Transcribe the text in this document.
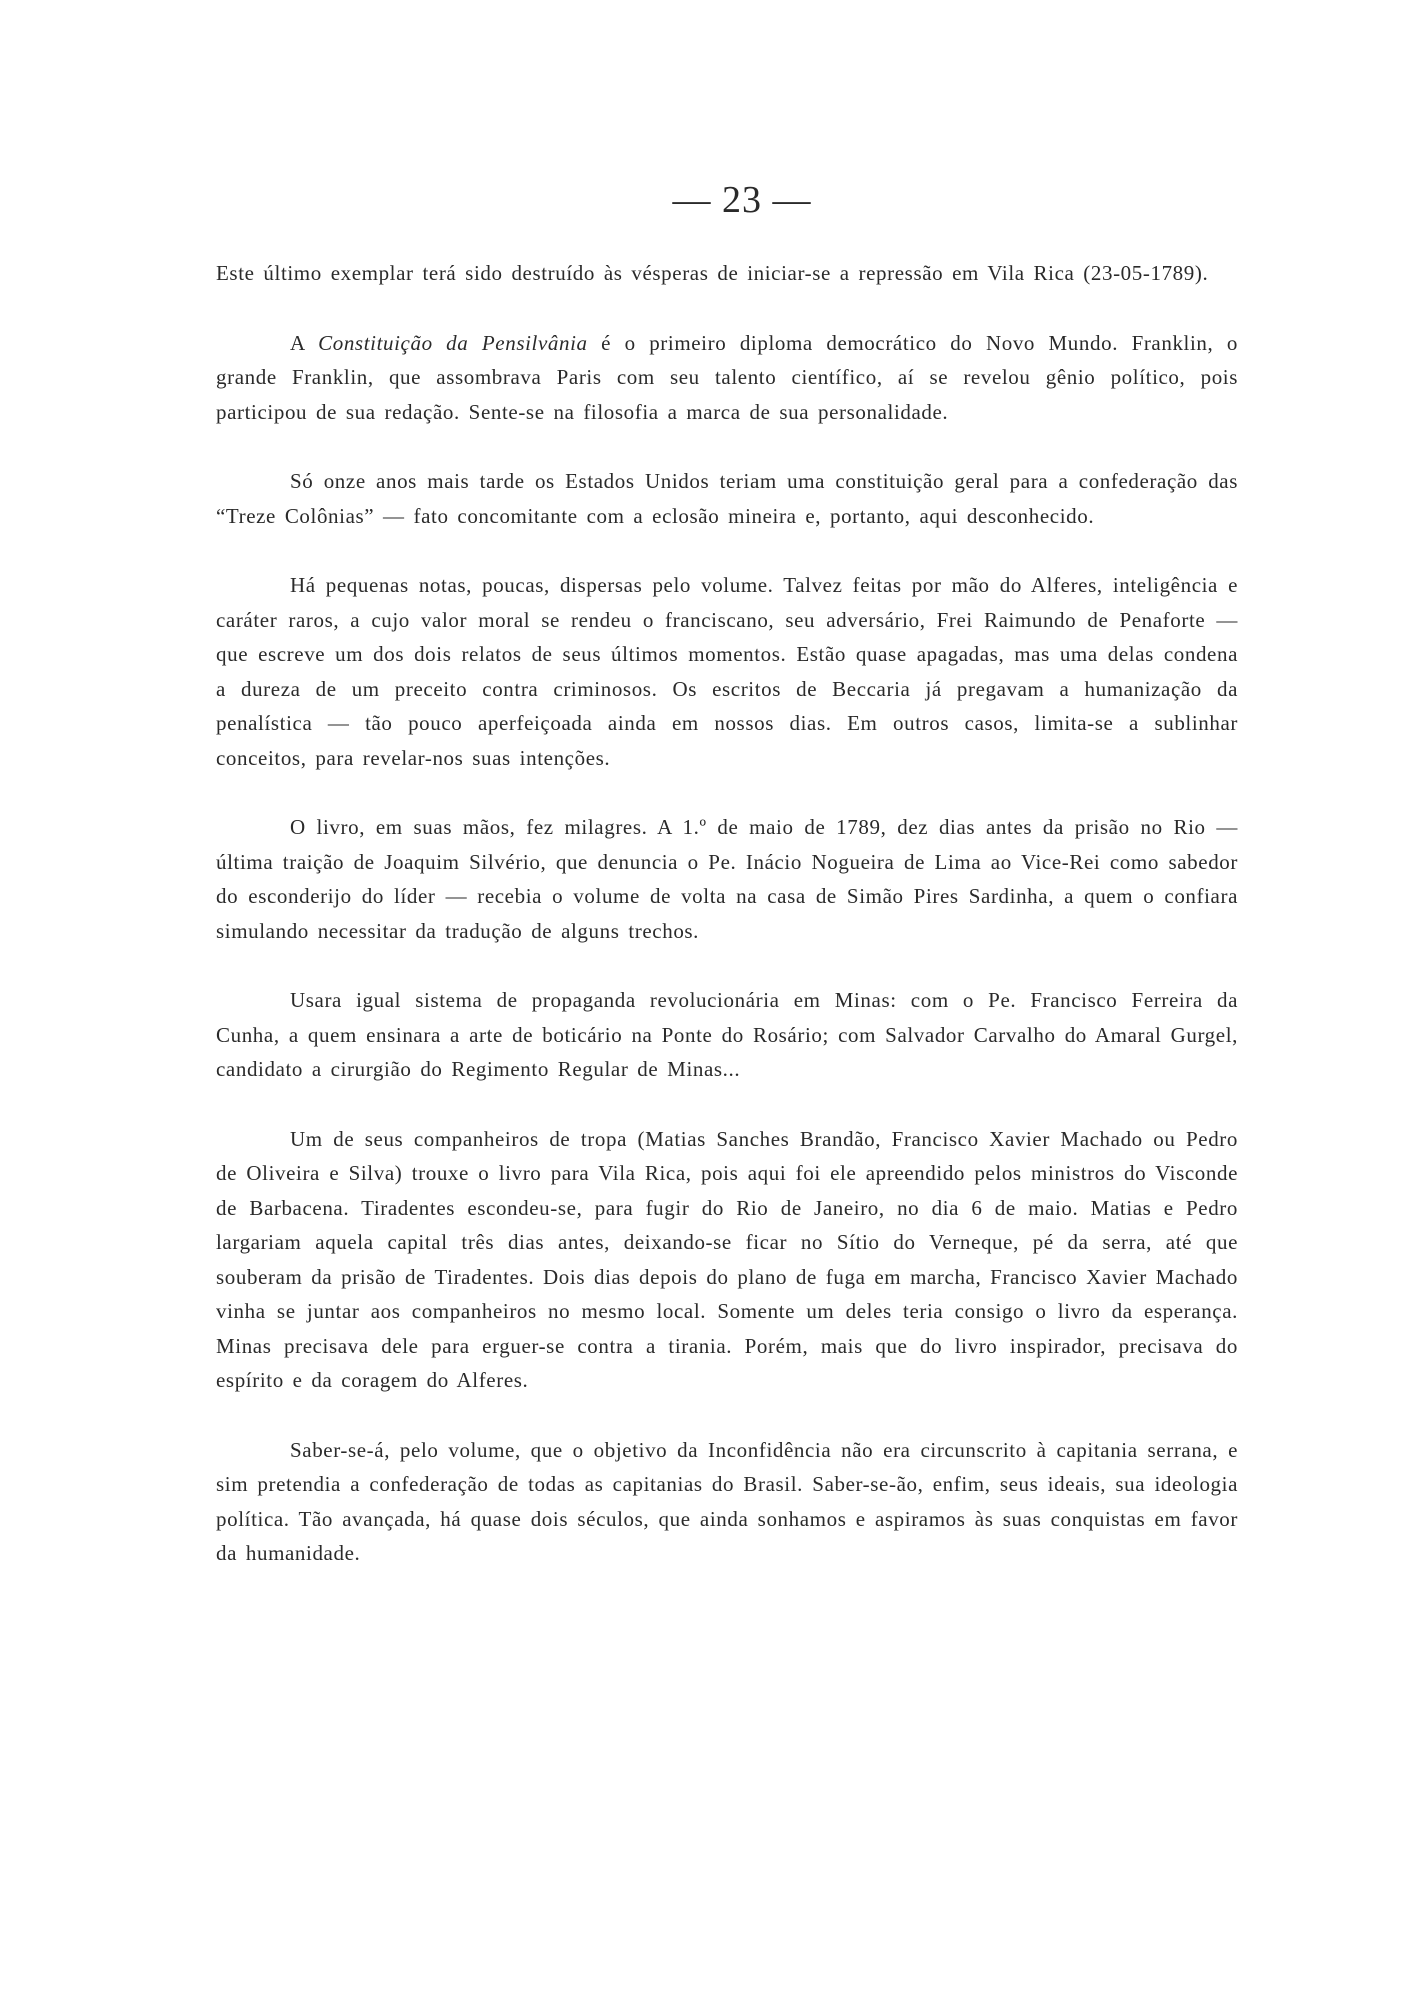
— 23 —

Este último exemplar terá sido destruído às vésperas de iniciar-se a repressão em Vila Rica (23-05-1789).

A Constituição da Pensilvânia é o primeiro diploma democrático do Novo Mundo. Franklin, o grande Franklin, que assombrava Paris com seu talento científico, aí se revelou gênio político, pois participou de sua redação. Sente-se na filosofia a marca de sua personalidade.

Só onze anos mais tarde os Estados Unidos teriam uma constituição geral para a confederação das “Treze Colônias” — fato concomitante com a eclosão mineira e, portanto, aqui desconhecido.

Há pequenas notas, poucas, dispersas pelo volume. Talvez feitas por mão do Alferes, inteligência e caráter raros, a cujo valor moral se rendeu o franciscano, seu adversário, Frei Raimundo de Penaforte — que escreve um dos dois relatos de seus últimos momentos. Estão quase apagadas, mas uma delas condena a dureza de um preceito contra criminosos. Os escritos de Beccaria já pregavam a humanização da penalística — tão pouco aperfeiçoada ainda em nossos dias. Em outros casos, limita-se a sublinhar conceitos, para revelar-nos suas intenções.

O livro, em suas mãos, fez milagres. A 1.º de maio de 1789, dez dias antes da prisão no Rio — última traição de Joaquim Silvério, que denuncia o Pe. Inácio Nogueira de Lima ao Vice-Rei como sabedor do esconderijo do líder — recebia o volume de volta na casa de Simão Pires Sardinha, a quem o confiara simulando necessitar da tradução de alguns trechos.

Usara igual sistema de propaganda revolucionária em Minas: com o Pe. Francisco Ferreira da Cunha, a quem ensinara a arte de boticário na Ponte do Rosário; com Salvador Carvalho do Amaral Gurgel, candidato a cirurgião do Regimento Regular de Minas...

Um de seus companheiros de tropa (Matias Sanches Brandão, Francisco Xavier Machado ou Pedro de Oliveira e Silva) trouxe o livro para Vila Rica, pois aqui foi ele apreendido pelos ministros do Visconde de Barbacena. Tiradentes escondeu-se, para fugir do Rio de Janeiro, no dia 6 de maio. Matias e Pedro largariam aquela capital três dias antes, deixando-se ficar no Sítio do Verneque, pé da serra, até que souberam da prisão de Tiradentes. Dois dias depois do plano de fuga em marcha, Francisco Xavier Machado vinha se juntar aos companheiros no mesmo local. Somente um deles teria consigo o livro da esperança. Minas precisava dele para erguer-se contra a tirania. Porém, mais que do livro inspirador, precisava do espírito e da coragem do Alferes.

Saber-se-á, pelo volume, que o objetivo da Inconfidência não era circunscrito à capitania serrana, e sim pretendia a confederação de todas as capitanias do Brasil. Saber-se-ão, enfim, seus ideais, sua ideologia política. Tão avançada, há quase dois séculos, que ainda sonhamos e aspiramos às suas conquistas em favor da humanidade.
